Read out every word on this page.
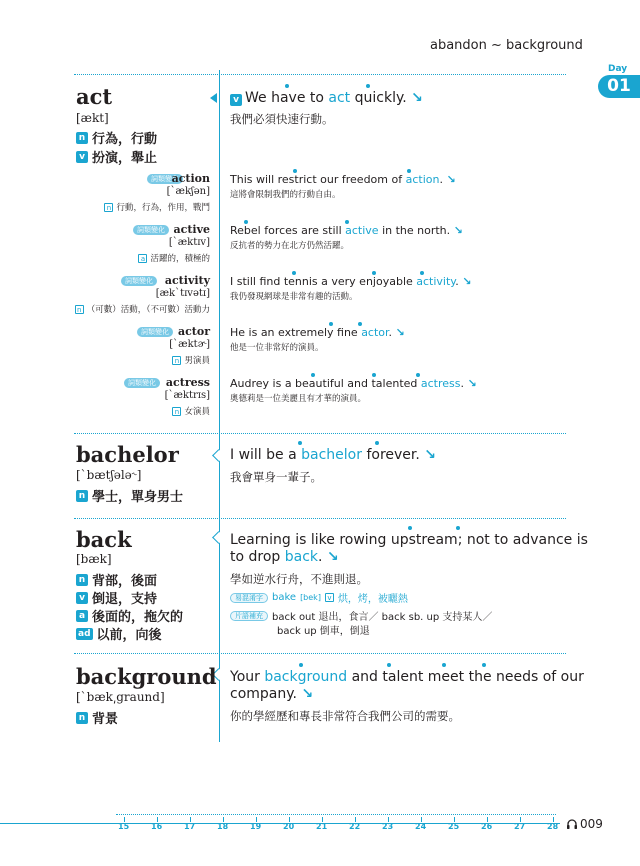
abandon ~ background
Day
01
act
[ækt]
n 行為，行動
v 扮演，舉止
v We have to act quickly. ↘
我們必須快速行動。
詞類變化
action
[`ækʃən]
n 行動，行為，作用，戰鬥
This will restrict our freedom of action. ↘
這將會限制我們的行動自由。
詞類變化 active
[`æktɪv]
a 活躍的，積極的
Rebel forces are still active in the north. ↘
反抗者的勢力在北方仍然活躍。
詞類變化	activity
[æk`tɪvətɪ]
n （可數）活動，（不可數）活動力
I still find tennis a very enjoyable activity. ↘
我仍發現網球是非常有趣的活動。
詞類變化 actor
[`æktɚ]
n 男演員
He is an extremely fine actor. ↘
他是一位非常好的演員。
詞類變化 actress
[`æktrɪs]
n 女演員
Audrey is a beautiful and talented actress. ↘
奧德莉是一位美麗且有才華的演員。
bachelor
[`bætʃələ˞]
n 學士，單身男士
I will be a bachelor forever. ↘
我會單身一輩子。
back
[bæk]
n 背部，後面
v 倒退，支持
a 後面的，拖欠的
ad 以前，向後
Learning is like rowing upstream; not to advance is
to drop back. ↘
學如逆水行舟，不進則退。
易混淆字 bake [bek] v 烘，烤，被曬熱
片語補充 back out 退出，食言／ back sb. up 支持某人／
back up 倒車，倒退
background
[`bæk͵graund]
n 背景
Your background and talent meet the needs of our
company. ↘
你的學經歷和專長非常符合我們公司的需要。
15	16	17	18	19	20	21	22	23	24	25	26	27	28 009
